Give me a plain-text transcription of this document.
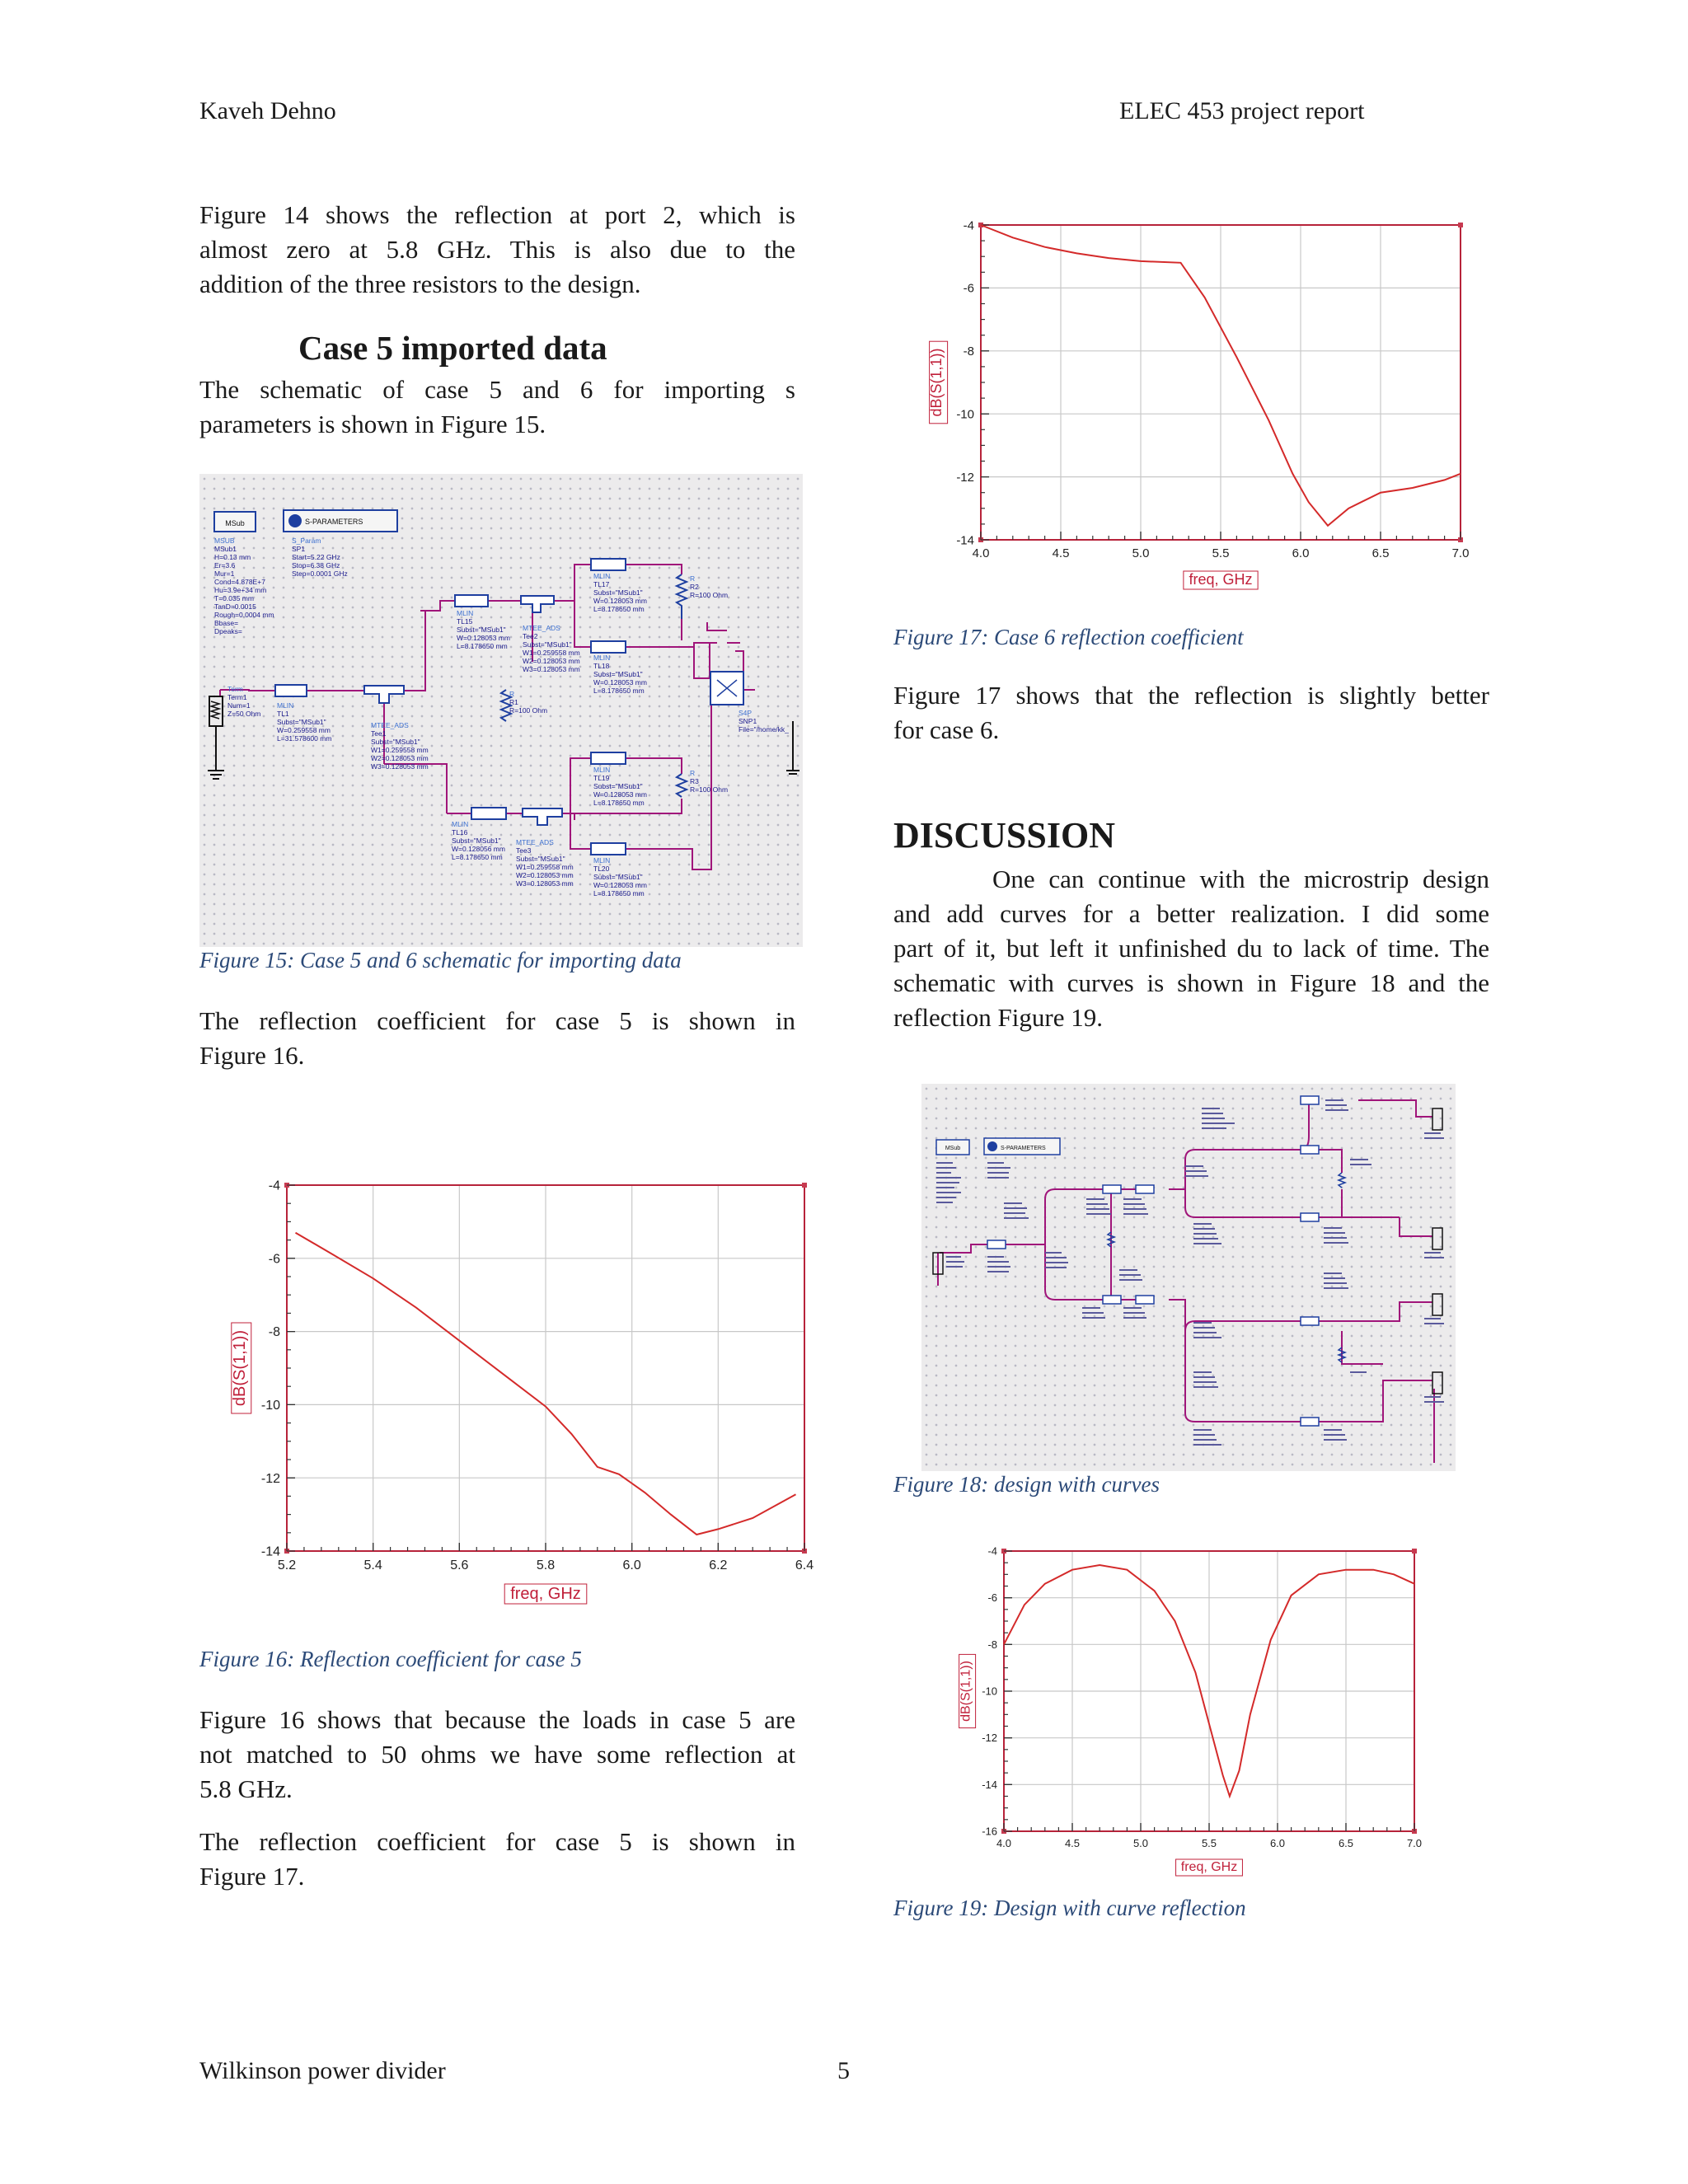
Kaveh Dehno	ELEC 453 project report
Figure 14 shows the reflection at port 2, which is
almost zero at 5.8 GHz. This is also due to the
addition of the three resistors to the design.
Case 5 imported data
The schematic of case 5 and 6 for importing s
parameters is shown in Figure 15.
MSub	S-PARAMETERS
MSUB MSub1 H=0.13 mm Er=3.6 Mur=1 Cond=4.878E+7 Hu=3.9e+34 mm T=0.035 mm TanD=0.0015 Rough=0.0004 mm Bbase= Dpeaks=
S_Param SP1 Start=5.22 GHz Stop=6.38 GHz Step=0.0001 GHz
Term Term1 Num=1 Z=50 Ohm
MLIN TL1 Subst="MSub1" W=0.259558 mm L=31.578600 mm
MTEE_ADS Tee1 Subst="MSub1" W1=0.259558 mm W2=0.128053 mm W3=0.128053 mm
MLIN TL15 Subst="MSub1" W=0.128053 mm L=8.178650 mm
MTEE_ADS Tee2 Subst="MSub1" W1=0.259558 mm W2=0.128053 mm W3=0.128053 mm
MLIN TL17 Subst="MSub1" W=0.128053 mm L=8.178650 mm
R R2 R=100 Ohm
MLIN TL18 Subst="MSub1" W=0.128053 mm L=8.178650 mm
R R1 R=100 Ohm	S4P SNP1 File="/home/kk_
MLIN TL19 Subst="MSub1" W=0.128053 mm L=8.178650 mm
R R3 R=100 Ohm
MLIN TL16 Subst="MSub1" W=0.128056 mm L=8.178650 mm
MTEE_ADS Tee3 Subst="MSub1" W1=0.259558 mm W2=0.128053 mm W3=0.128053 mm
MLIN TL20 Subst="MSub1" W=0.128053 mm L=8.178650 mm
Figure 15: Case 5 and 6 schematic for importing data
The reflection coefficient for case 5 is shown in
Figure 16.
5.2	5.4	5.6	5.8	6.0	6.2	6.4
-4
-6
-8
-10
-12
-14
freq, GHz
dB(S(1,1))
Figure 16: Reflection coefficient for case 5
Figure 16 shows that because the loads in case 5 are
not matched to 50 ohms we have some reflection at
5.8 GHz.
The reflection coefficient for case 5 is shown in
Figure 17.
4.0	4.5	5.0	5.5	6.0	6.5	7.0
-4
-6
-8
-10
-12
-14
freq, GHz
dB(S(1,1))
Figure 17: Case 6 reflection coefficient
Figure 17 shows that the reflection is slightly better
for case 6.
DISCUSSION
One can continue with the microstrip design
and add curves for a better realization. I did some
part of it, but left it unfinished du to lack of time. The
schematic with curves is shown in Figure 18 and the
reflection Figure 19.
MSub	S-PARAMETERS
Figure 18: design with curves
4.0	4.5	5.0	5.5	6.0	6.5	7.0
-4
-6
-8
-10
-12
-14
-16
freq, GHz
dB(S(1,1))
Figure 19: Design with curve reflection
Wilkinson power divider	5
